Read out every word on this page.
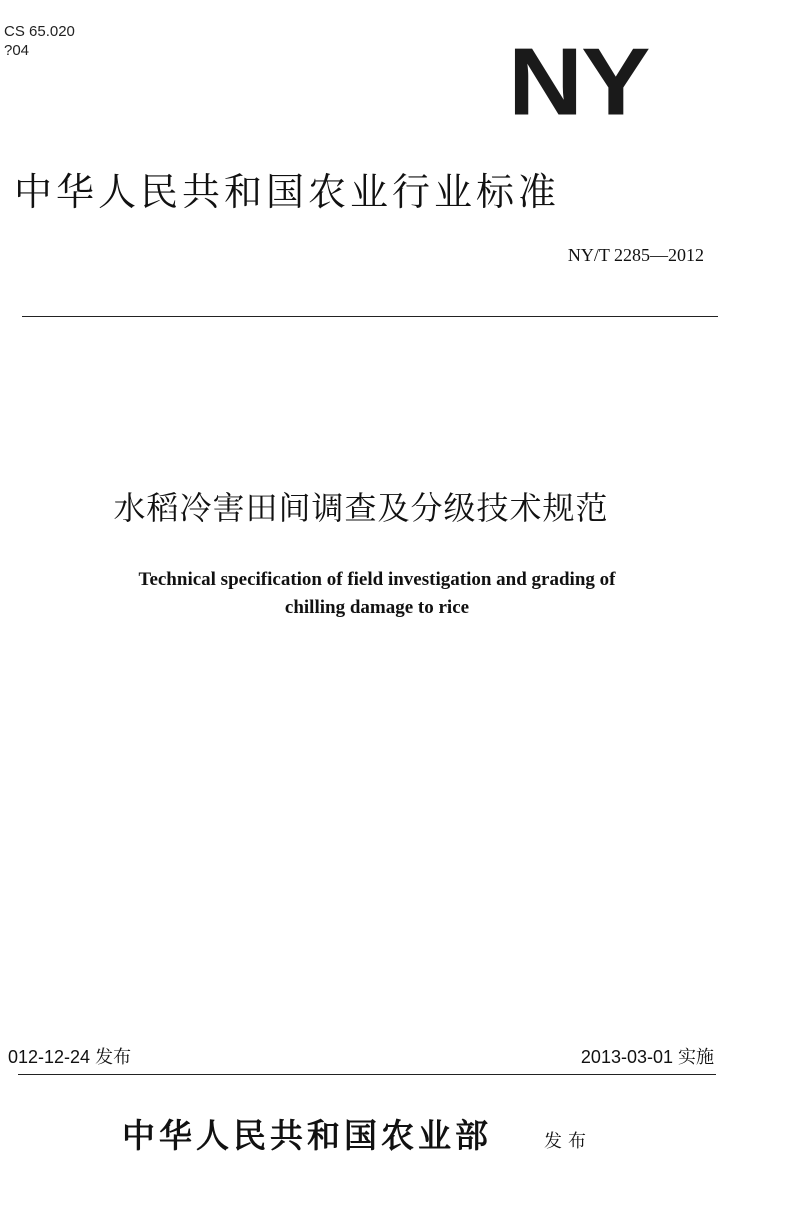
CS 65.020
?04	NY
中华人民共和国农业行业标准
NY/T 2285—2012
水稻冷害田间调查及分级技术规范
Technical specification of field investigation and grading of
chilling damage to rice
012-12-24 发布	2013-03-01 实施
中华人民共和国农业部	发布
